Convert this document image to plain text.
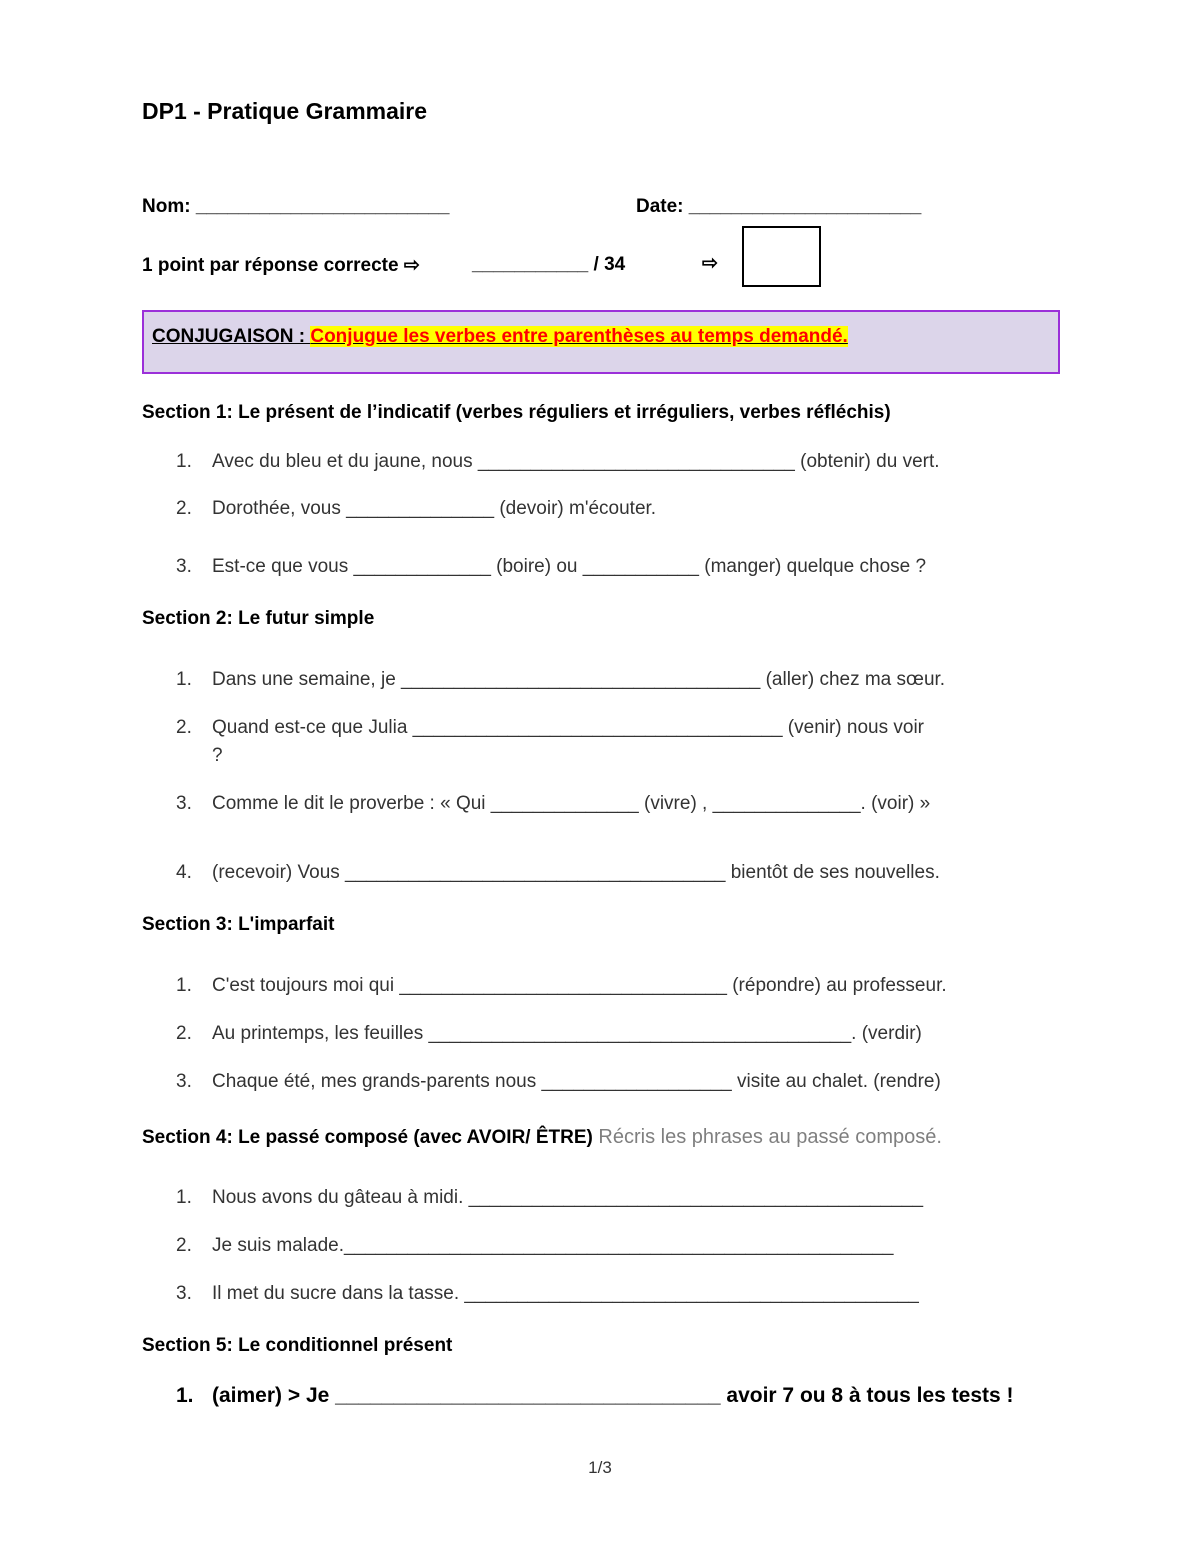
DP1 - Pratique Grammaire
Nom: ________________________	Date: ______________________
1 point par réponse correcte ⇨	___________ / 34	⇨
CONJUGAISON : Conjugue les verbes entre parenthèses au temps demandé.
Section 1: Le présent de l’indicatif (verbes réguliers et irréguliers, verbes réfléchis)
1. Avec du bleu et du jaune, nous ______________________________ (obtenir) du vert.
2. Dorothée, vous ______________ (devoir) m'écouter.
3. Est-ce que vous _____________ (boire) ou ___________ (manger) quelque chose ?
Section 2: Le futur simple
1. Dans une semaine, je __________________________________ (aller) chez ma sœur.
2. Quand est-ce que Julia ___________________________________ (venir) nous voir
?
3. Comme le dit le proverbe : « Qui ______________ (vivre) , ______________. (voir) »
4. (recevoir) Vous ____________________________________ bientôt de ses nouvelles.
Section 3: L'imparfait
1. C'est toujours moi qui _______________________________ (répondre) au professeur.
2. Au printemps, les feuilles ________________________________________. (verdir)
3. Chaque été, mes grands-parents nous __________________ visite au chalet. (rendre)
Section 4: Le passé composé (avec AVOIR/ ÊTRE) Récris les phrases au passé composé.
1. Nous avons du gâteau à midi. ___________________________________________
2. Je suis malade.____________________________________________________
3. Il met du sucre dans la tasse. ___________________________________________
Section 5: Le conditionnel présent
1. (aimer) > Je _________________________________ avoir 7 ou 8 à tous les tests !
1/3
